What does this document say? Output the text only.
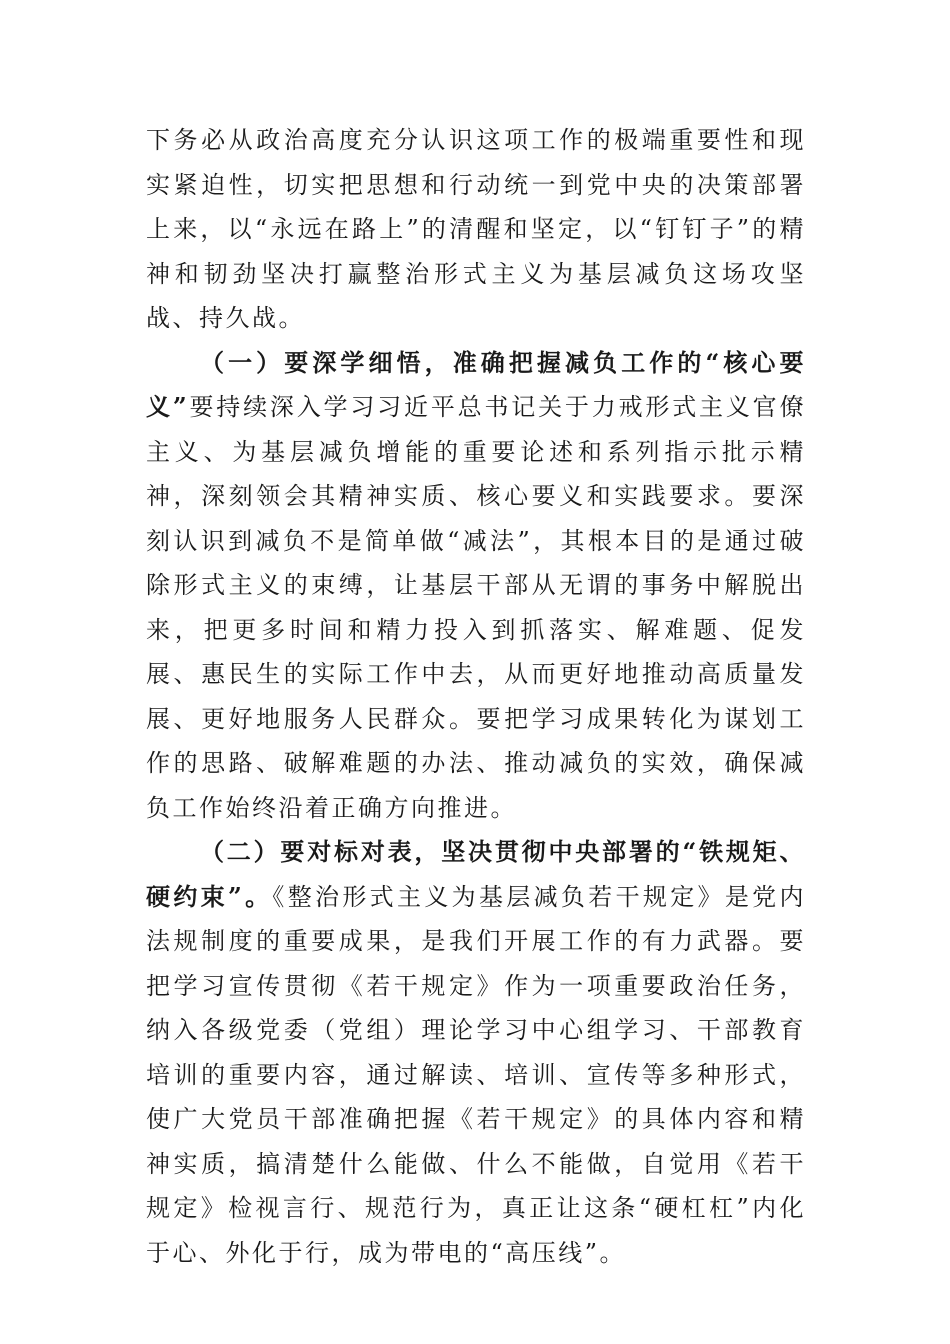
下务必从政治高度充分认识这项工作的极端重要性和现实紧迫性，切实把思想和行动统一到党中央的决策部署上来，以“永远在路上”的清醒和坚定，以“钉钉子”的精神和韧劲坚决打赢整治形式主义为基层减负这场攻坚战、持久战。

（一）要深学细悟，准确把握减负工作的“核心要义”要持续深入学习习近平总书记关于力戒形式主义官僚主义、为基层减负增能的重要论述和系列指示批示精神，深刻领会其精神实质、核心要义和实践要求。要深刻认识到减负不是简单做“减法”，其根本目的是通过破除形式主义的束缚，让基层干部从无谓的事务中解脱出来，把更多时间和精力投入到抓落实、解难题、促发展、惠民生的实际工作中去，从而更好地推动高质量发展、更好地服务人民群众。要把学习成果转化为谋划工作的思路、破解难题的办法、推动减负的实效，确保减负工作始终沿着正确方向推进。

（二）要对标对表，坚决贯彻中央部署的“铁规矩、硬约束”。《整治形式主义为基层减负若干规定》是党内法规制度的重要成果，是我们开展工作的有力武器。要把学习宣传贯彻《若干规定》作为一项重要政治任务，纳入各级党委（党组）理论学习中心组学习、干部教育培训的重要内容，通过解读、培训、宣传等多种形式，使广大党员干部准确把握《若干规定》的具体内容和精神实质，搞清楚什么能做、什么不能做，自觉用《若干规定》检视言行、规范行为，真正让这条“硬杠杠”内化于心、外化于行，成为带电的“高压线”。
